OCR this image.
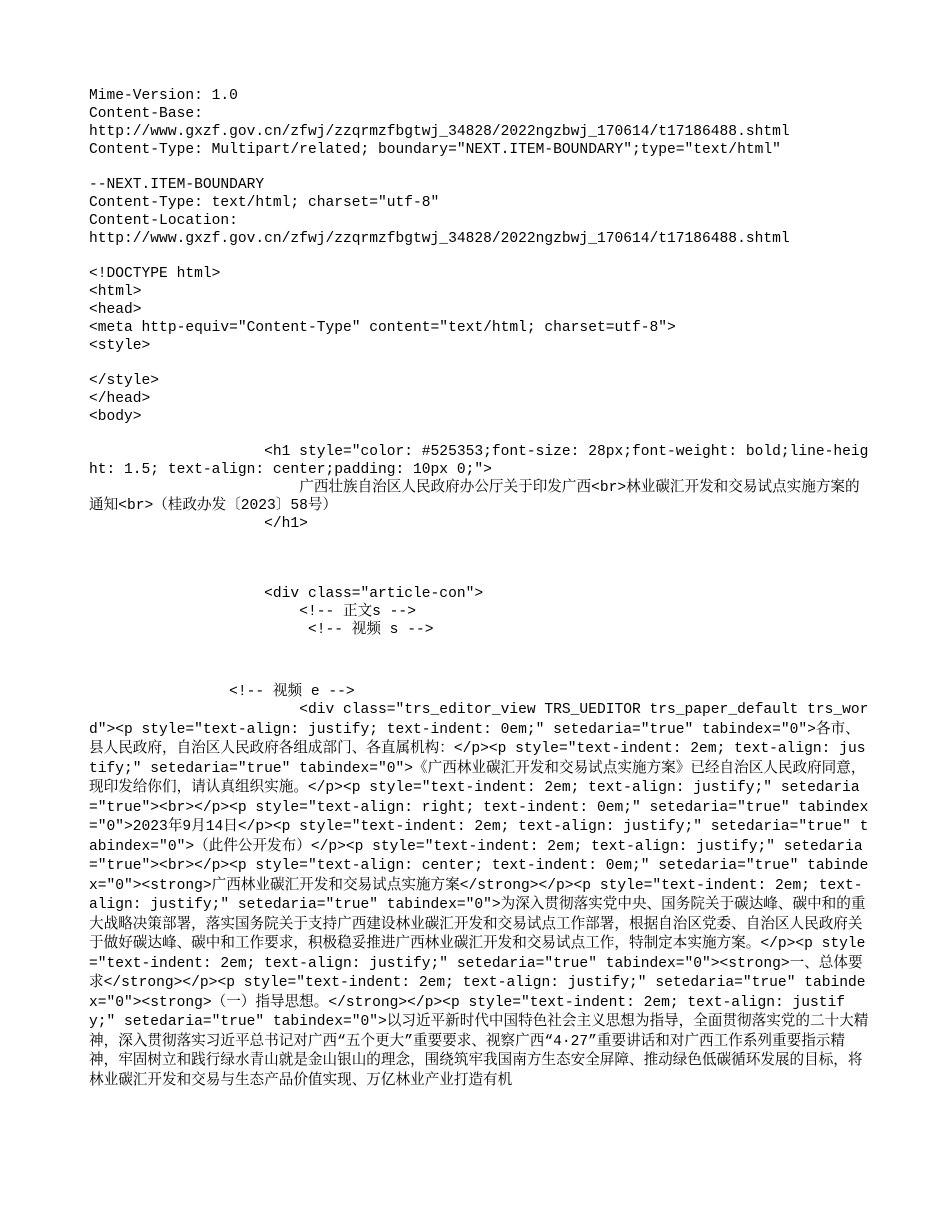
Mime-Version: 1.0
Content-Base:
http://www.gxzf.gov.cn/zfwj/zzqrmzfbgtwj_34828/2022ngzbwj_170614/t17186488.shtml
Content-Type: Multipart/related; boundary="NEXT.ITEM-BOUNDARY";type="text/html"
--NEXT.ITEM-BOUNDARY
Content-Type: text/html; charset="utf-8"
Content-Location:
http://www.gxzf.gov.cn/zfwj/zzqrmzfbgtwj_34828/2022ngzbwj_170614/t17186488.shtml
<!DOCTYPE html>
<html>
<head>
<meta http-equiv="Content-Type" content="text/html; charset=utf-8">
<style>
</style>
</head>
<body>
<h1 style="color: #525353;font-size: 28px;font-weight: bold;line-height: 1.5; text-align: center;padding: 10px 0;">
广西壮族自治区人民政府办公厅关于印发广西<br>林业碳汇开发和交易试点实施方案的通知<br>（桂政办发〔2023〕58号）
</h1>
<div class="article-con">
<!-- 正文s -->
<!-- 视频 s -->
<!-- 视频 e -->
<div class="trs_editor_view TRS_UEDITOR trs_paper_default trs_word"><p style="text-align: justify; text-indent: 0em;" setedaria="true" tabindex="0">各市、县人民政府，自治区人民政府各组成部门、各直属机构：</p><p style="text-indent: 2em; text-align: justify;" setedaria="true" tabindex="0">《广西林业碳汇开发和交易试点实施方案》已经自治区人民政府同意，现印发给你们，请认真组织实施。</p><p style="text-indent: 2em; text-align: justify;" setedaria="true"><br></p><p style="text-align: right; text-indent: 0em;" setedaria="true" tabindex="0">2023年9月14日</p><p style="text-indent: 2em; text-align: justify;" setedaria="true" tabindex="0">（此件公开发布）</p><p style="text-indent: 2em; text-align: justify;" setedaria="true"><br></p><p style="text-align: center; text-indent: 0em;" setedaria="true" tabindex="0"><strong>广西林业碳汇开发和交易试点实施方案</strong></p><p style="text-indent: 2em; text-align: justify;" setedaria="true" tabindex="0">为深入贯彻落实党中央、国务院关于碳达峰、碳中和的重大战略决策部署，落实国务院关于支持广西建设林业碳汇开发和交易试点工作部署，根据自治区党委、自治区人民政府关于做好碳达峰、碳中和工作要求，积极稳妥推进广西林业碳汇开发和交易试点工作，特制定本实施方案。</p><p style="text-indent: 2em; text-align: justify;" setedaria="true" tabindex="0"><strong>一、总体要求</strong></p><p style="text-indent: 2em; text-align: justify;" setedaria="true" tabindex="0"><strong>（一）指导思想。</strong></p><p style="text-indent: 2em; text-align: justify;" setedaria="true" tabindex="0">以习近平新时代中国特色社会主义思想为指导，全面贯彻落实党的二十大精神，深入贯彻落实习近平总书记对广西“五个更大”重要要求、视察广西“4·27”重要讲话和对广西工作系列重要指示精神，牢固树立和践行绿水青山就是金山银山的理念，围绕筑牢我国南方生态安全屏障、推动绿色低碳循环发展的目标，将林业碳汇开发和交易与生态产品价值实现、万亿林业产业打造有机
